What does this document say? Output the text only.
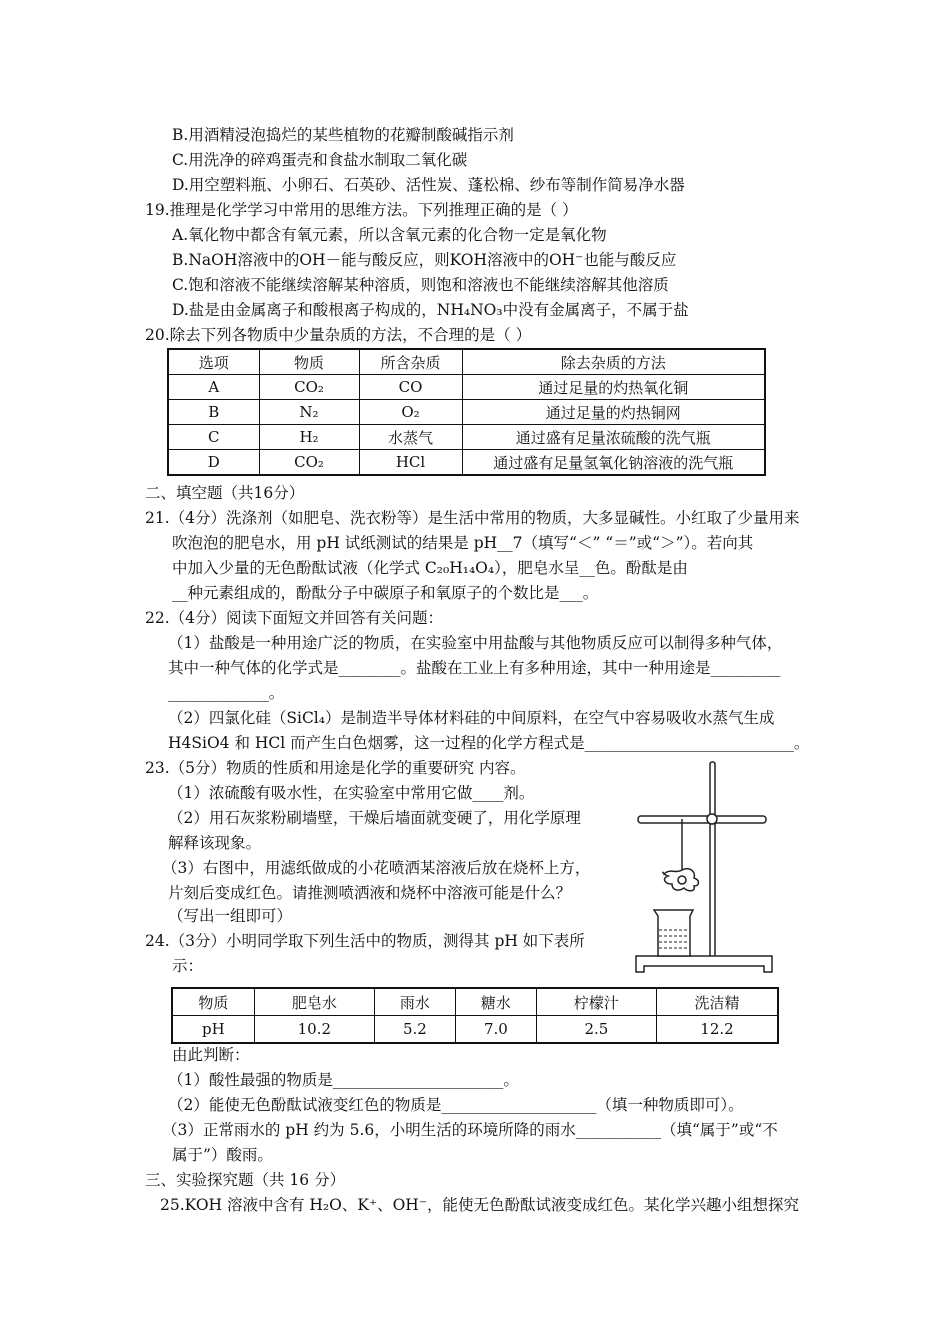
B.用酒精浸泡捣烂的某些植物的花瓣制酸碱指示剂
C.用洗净的碎鸡蛋壳和食盐水制取二氧化碳
D.用空塑料瓶、小卵石、石英砂、活性炭、蓬松棉、纱布等制作简易净水器
19.推理是化学学习中常用的思维方法。下列推理正确的是（ ）
A.氧化物中都含有氧元素，所以含氧元素的化合物一定是氧化物
B.NaOH溶液中的OH－能与酸反应，则KOH溶液中的OH⁻也能与酸反应
C.饱和溶液不能继续溶解某种溶质，则饱和溶液也不能继续溶解其他溶质
D.盐是由金属离子和酸根离子构成的，NH₄NO₃中没有金属离子，不属于盐
20.除去下列各物质中少量杂质的方法，不合理的是（ ）
选项	物质	所含杂质	除去杂质的方法
A	CO₂	CO	通过足量的灼热氧化铜
B	N₂	O₂	通过足量的灼热铜网
C	H₂	水蒸气	通过盛有足量浓硫酸的洗气瓶
D	CO₂	HCl	通过盛有足量氢氧化钠溶液的洗气瓶
二、填空题（共16分）
21.（4分）洗涤剂（如肥皂、洗衣粉等）是生活中常用的物质，大多显碱性。小红取了少量用来
吹泡泡的肥皂水，用 pH 试纸测试的结果是 pH__7（填写“＜” “＝”或“＞”）。若向其
中加入少量的无色酚酞试液（化学式 C₂₀H₁₄O₄），肥皂水呈__色。酚酞是由
__种元素组成的，酚酞分子中碳原子和氧原子的个数比是___。
22.（4分）阅读下面短文并回答有关问题：
（1）盐酸是一种用途广泛的物质，在实验室中用盐酸与其他物质反应可以制得多种气体，
其中一种气体的化学式是________。盐酸在工业上有多种用途，其中一种用途是_________
_____________。
（2）四氯化硅（SiCl₄）是制造半导体材料硅的中间原料，在空气中容易吸收水蒸气生成
H4SiO4 和 HCl 而产生白色烟雾，这一过程的化学方程式是___________________________。
23.（5分）物质的性质和用途是化学的重要研究 内容。
（1）浓硫酸有吸水性，在实验室中常用它做____剂。
（2）用石灰浆粉刷墙壁，干燥后墙面就变硬了，用化学原理
解释该现象。
（3）右图中，用滤纸做成的小花喷洒某溶液后放在烧杯上方，
片刻后变成红色。请推测喷洒液和烧杯中溶液可能是什么？
（写出一组即可）
24.（3分）小明同学取下列生活中的物质，测得其 pH 如下表所
示：
物质	肥皂水	雨水	糖水	柠檬汁	洗洁精
pH	10.2	5.2	7.0	2.5	12.2
由此判断：
（1）酸性最强的物质是______________________。
（2）能使无色酚酞试液变红色的物质是____________________（填一种物质即可）。
（3）正常雨水的 pH 约为 5.6，小明生活的环境所降的雨水___________（填“属于”或“不
属于”）酸雨。
三、实验探究题（共 16 分）
25.KOH 溶液中含有 H₂O、K⁺、OH⁻，能使无色酚酞试液变成红色。某化学兴趣小组想探究
